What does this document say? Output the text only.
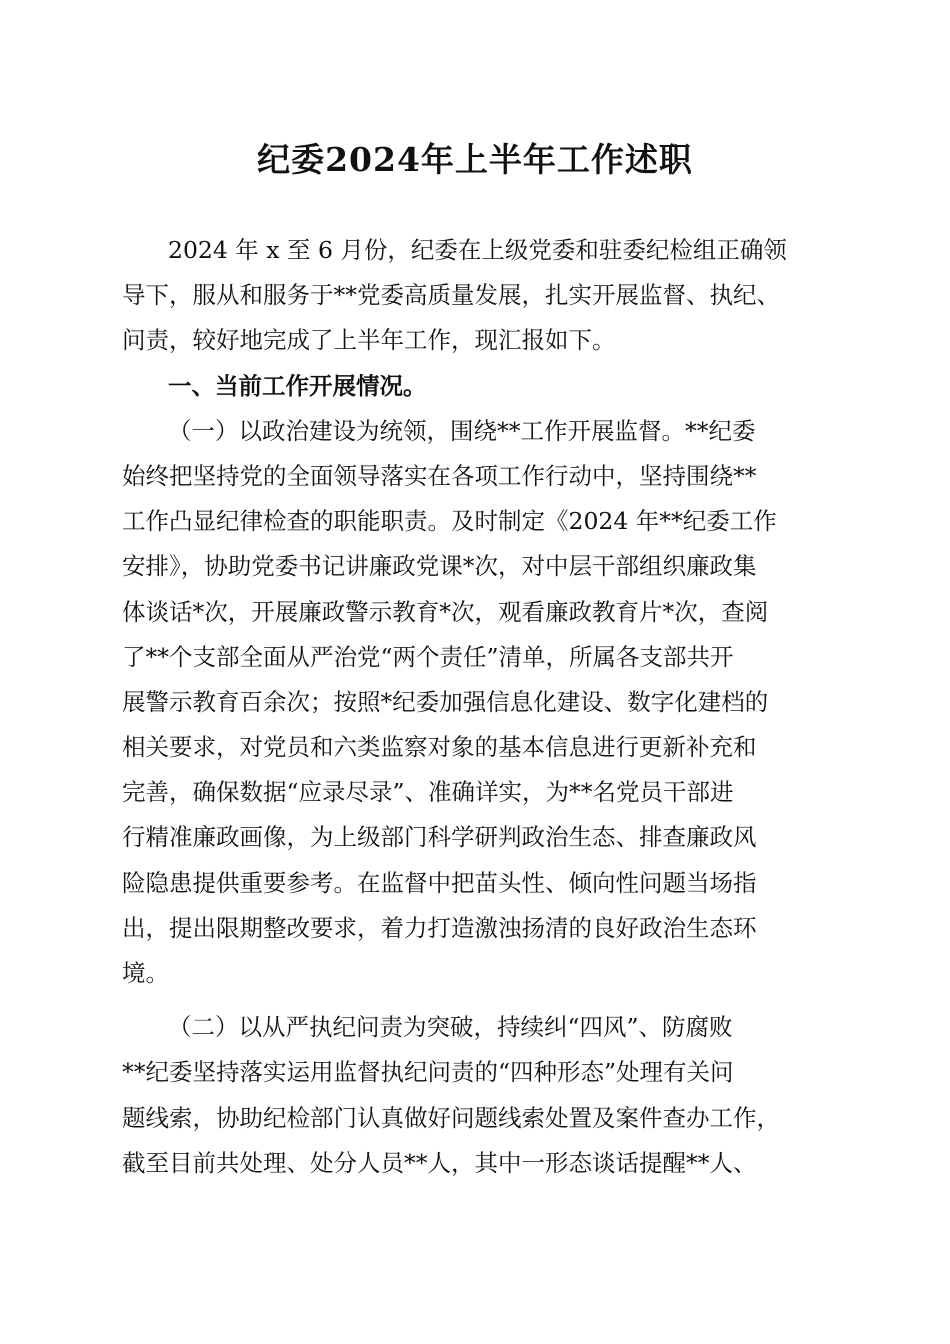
纪委2024年上半年工作述职
2024 年 x 至 6 月份，纪委在上级党委和驻委纪检组正确领
导下，服从和服务于**党委高质量发展，扎实开展监督、执纪、
问责，较好地完成了上半年工作，现汇报如下。
一、当前工作开展情况。
（一）以政治建设为统领，围绕**工作开展监督。**纪委
始终把坚持党的全面领导落实在各项工作行动中，坚持围绕**
工作凸显纪律检查的职能职责。及时制定《2024 年**纪委工作
安排》，协助党委书记讲廉政党课*次，对中层干部组织廉政集
体谈话*次，开展廉政警示教育*次，观看廉政教育片*次，查阅
了**个支部全面从严治党“两个责任”清单，所属各支部共开
展警示教育百余次；按照*纪委加强信息化建设、数字化建档的
相关要求，对党员和六类监察对象的基本信息进行更新补充和
完善，确保数据“应录尽录”、准确详实，为**名党员干部进
行精准廉政画像，为上级部门科学研判政治生态、排查廉政风
险隐患提供重要参考。在监督中把苗头性、倾向性问题当场指
出，提出限期整改要求，着力打造激浊扬清的良好政治生态环
境。
（二）以从严执纪问责为突破，持续纠“四风”、防腐败
**纪委坚持落实运用监督执纪问责的“四种形态”处理有关问
题线索，协助纪检部门认真做好问题线索处置及案件查办工作，
截至目前共处理、处分人员**人，其中一形态谈话提醒**人、
